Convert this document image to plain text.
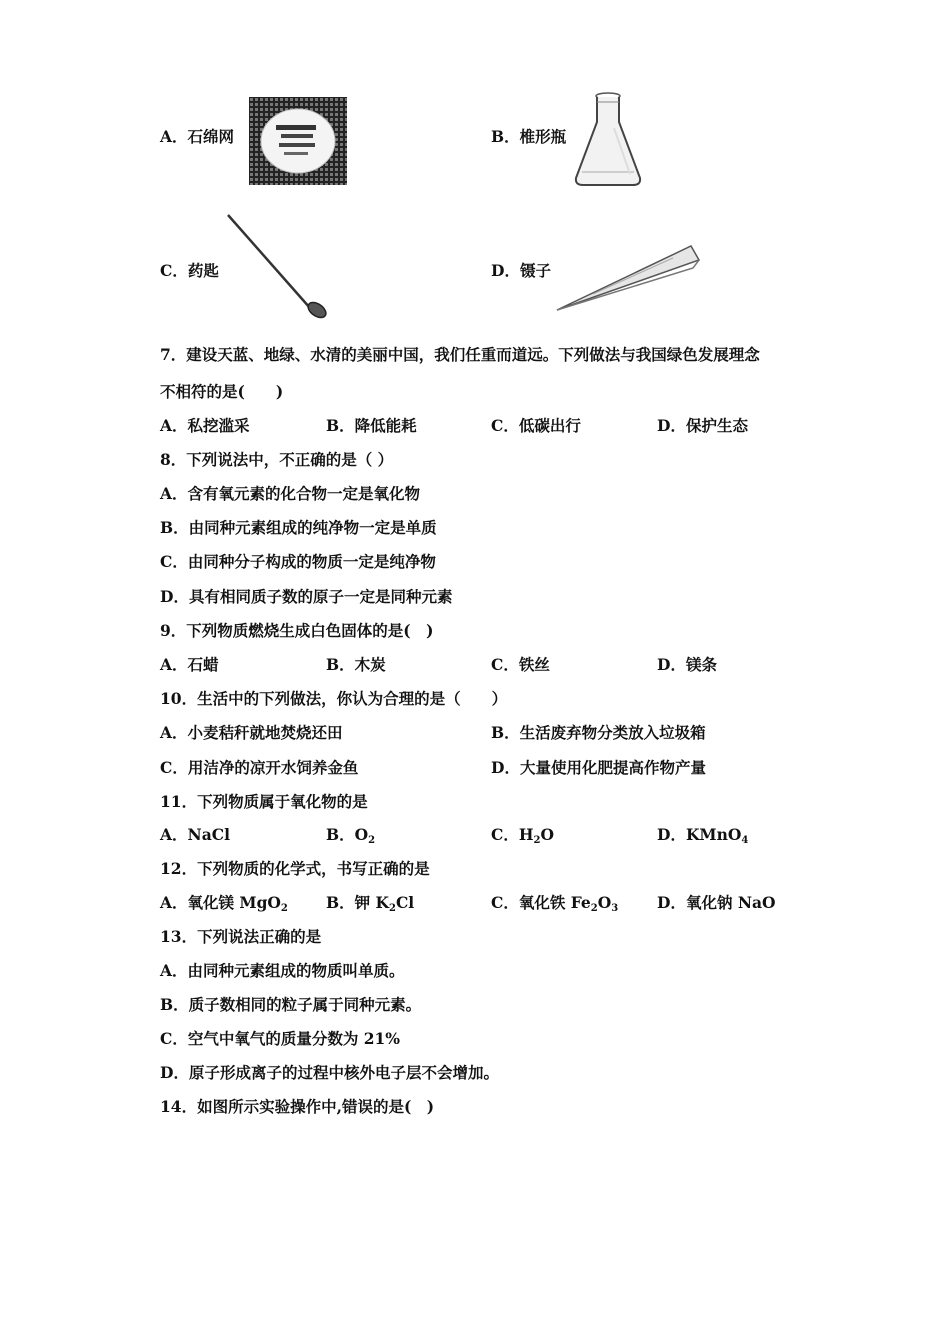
A．石绵网	B．椎形瓶
C．药匙	D．镊子
7．建设天蓝、地绿、水清的美丽中国，我们任重而道远。下列做法与我国绿色发展理念
不相符的是(　　)
A．私挖滥采	B．降低能耗	C．低碳出行	D．保护生态
8．下列说法中，不正确的是（ ）
A．含有氧元素的化合物一定是氧化物
B．由同种元素组成的纯净物一定是单质
C．由同种分子构成的物质一定是纯净物
D．具有相同质子数的原子一定是同种元素
9．下列物质燃烧生成白色固体的是(　)
A．石蜡	B．木炭	C．铁丝	D．镁条
10．生活中的下列做法，你认为合理的是（　　）
A．小麦秸秆就地焚烧还田	B．生活废弃物分类放入垃圾箱
C．用洁净的凉开水饲养金鱼	D．大量使用化肥提高作物产量
11．下列物质属于氧化物的是
A．NaCl	B．$O_2$	C．$H_2O$	D．KMnO$_4$
12．下列物质的化学式，书写正确的是
A．氧化镁 MgO$_2$ B．钾 $K_2Cl$	C．氧化铁 $Fe_2O_3$	D．氧化钠 NaO
13．下列说法正确的是
A．由同种元素组成的物质叫单质。
B．质子数相同的粒子属于同种元素。
C．空气中氧气的质量分数为 21%
D．原子形成离子的过程中核外电子层不会增加。
14．如图所示实验操作中,错误的是(　)
